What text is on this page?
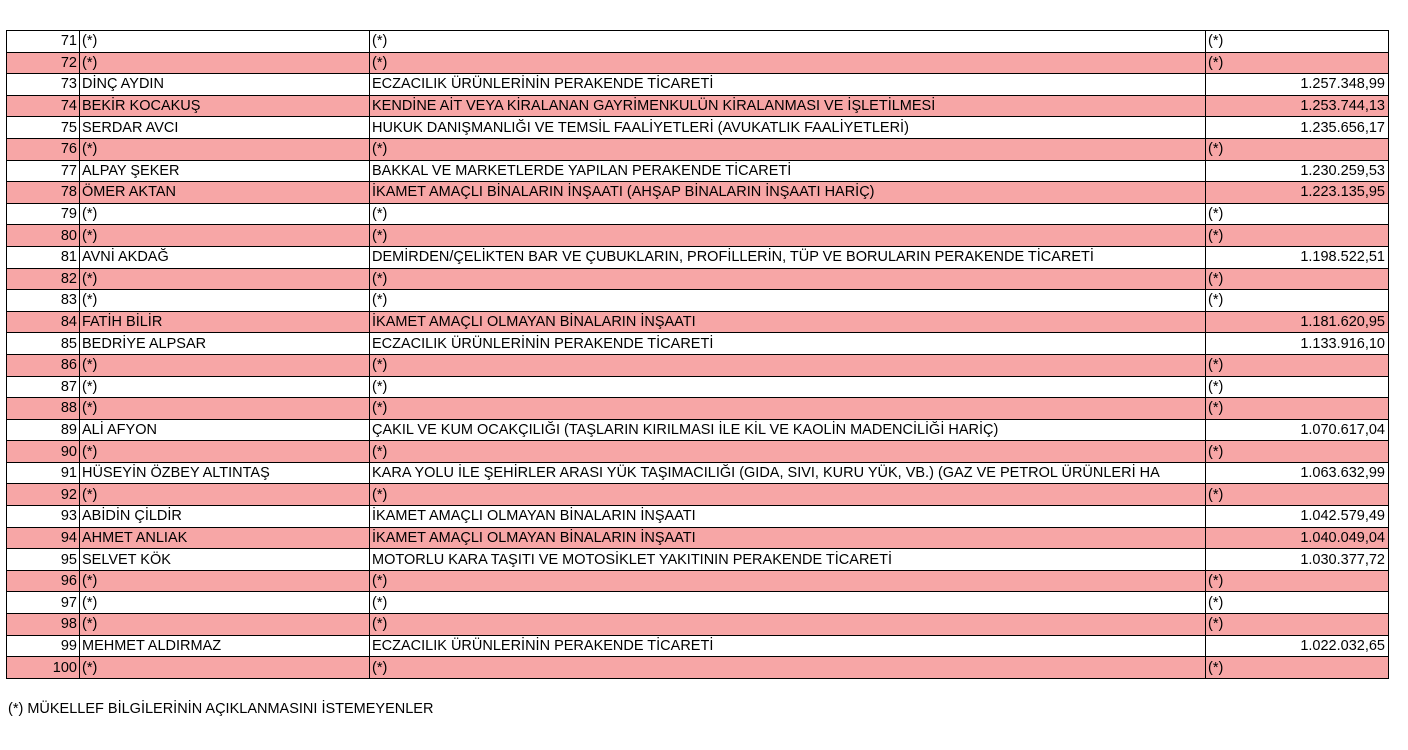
71	(*)	(*)	(*)
72	(*)	(*)	(*)
73	DİNÇ AYDIN	ECZACILIK ÜRÜNLERİNİN PERAKENDE TİCARETİ	1.257.348,99
74	BEKİR KOCAKUŞ	KENDİNE AİT VEYA KİRALANAN GAYRİMENKULÜN KİRALANMASI VE İŞLETİLMESİ	1.253.744,13
75	SERDAR AVCI	HUKUK DANIŞMANLIĞI VE TEMSİL FAALİYETLERİ (AVUKATLIK FAALİYETLERİ)	1.235.656,17
76	(*)	(*)	(*)
77	ALPAY ŞEKER	BAKKAL VE MARKETLERDE YAPILAN PERAKENDE TİCARETİ	1.230.259,53
78	ÖMER AKTAN	İKAMET AMAÇLI BİNALARIN İNŞAATI (AHŞAP BİNALARIN İNŞAATI HARİÇ)	1.223.135,95
79	(*)	(*)	(*)
80	(*)	(*)	(*)
81	AVNİ AKDAĞ	DEMİRDEN/ÇELİKTEN BAR VE ÇUBUKLARIN, PROFİLLERİN, TÜP VE BORULARIN PERAKENDE TİCARETİ	1.198.522,51
82	(*)	(*)	(*)
83	(*)	(*)	(*)
84	FATİH BİLİR	İKAMET AMAÇLI OLMAYAN BİNALARIN İNŞAATI	1.181.620,95
85	BEDRİYE ALPSAR	ECZACILIK ÜRÜNLERİNİN PERAKENDE TİCARETİ	1.133.916,10
86	(*)	(*)	(*)
87	(*)	(*)	(*)
88	(*)	(*)	(*)
89	ALİ AFYON	ÇAKIL VE KUM OCAKÇILIĞI (TAŞLARIN KIRILMASI İLE KİL VE KAOLİN MADENCİLİĞİ HARİÇ)	1.070.617,04
90	(*)	(*)	(*)
91	HÜSEYİN ÖZBEY ALTINTAŞ	KARA YOLU İLE ŞEHİRLER ARASI YÜK TAŞIMACILIĞI (GIDA, SIVI, KURU YÜK, VB.) (GAZ VE PETROL ÜRÜNLERİ HA	1.063.632,99
92	(*)	(*)	(*)
93	ABİDİN ÇİLDİR	İKAMET AMAÇLI OLMAYAN BİNALARIN İNŞAATI	1.042.579,49
94	AHMET ANLIAK	İKAMET AMAÇLI OLMAYAN BİNALARIN İNŞAATI	1.040.049,04
95	SELVET KÖK	MOTORLU KARA TAŞITI VE MOTOSİKLET YAKITININ PERAKENDE TİCARETİ	1.030.377,72
96	(*)	(*)	(*)
97	(*)	(*)	(*)
98	(*)	(*)	(*)
99	MEHMET ALDIRMAZ	ECZACILIK ÜRÜNLERİNİN PERAKENDE TİCARETİ	1.022.032,65
100	(*)	(*)	(*)
(*) MÜKELLEF BİLGİLERİNİN AÇIKLANMASINI İSTEMEYENLER
